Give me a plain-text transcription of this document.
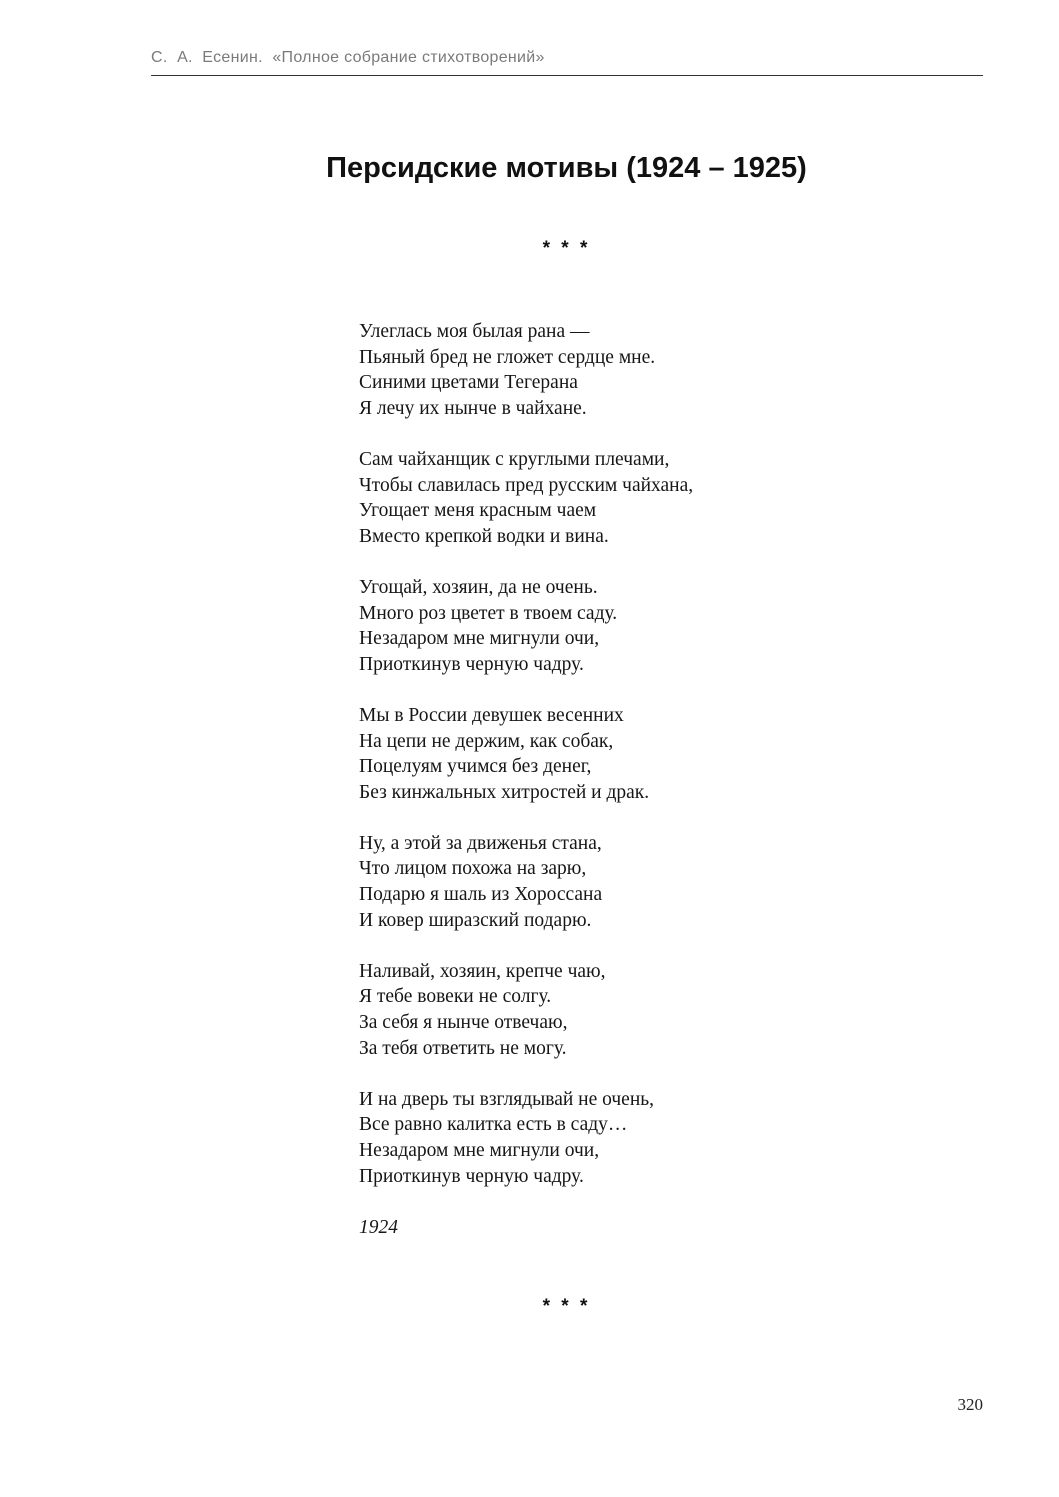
С.  А.  Есенин.  «Полное собрание стихотворений»
Персидские мотивы (1924 – 1925)
* * *
Улеглась моя былая рана —
Пьяный бред не гложет сердце мне.
Синими цветами Тегерана
Я лечу их нынче в чайхане.
Сам чайханщик с круглыми плечами,
Чтобы славилась пред русским чайхана,
Угощает меня красным чаем
Вместо крепкой водки и вина.
Угощай, хозяин, да не очень.
Много роз цветет в твоем саду.
Незадаром мне мигнули очи,
Приоткинув черную чадру.
Мы в России девушек весенних
На цепи не держим, как собак,
Поцелуям учимся без денег,
Без кинжальных хитростей и драк.
Ну, а этой за движенья стана,
Что лицом похожа на зарю,
Подарю я шаль из Хороссана
И ковер ширазский подарю.
Наливай, хозяин, крепче чаю,
Я тебе вовеки не солгу.
За себя я нынче отвечаю,
За тебя ответить не могу.
И на дверь ты взглядывай не очень,
Все равно калитка есть в саду…
Незадаром мне мигнули очи,
Приоткинув черную чадру.
1924
* * *
320
